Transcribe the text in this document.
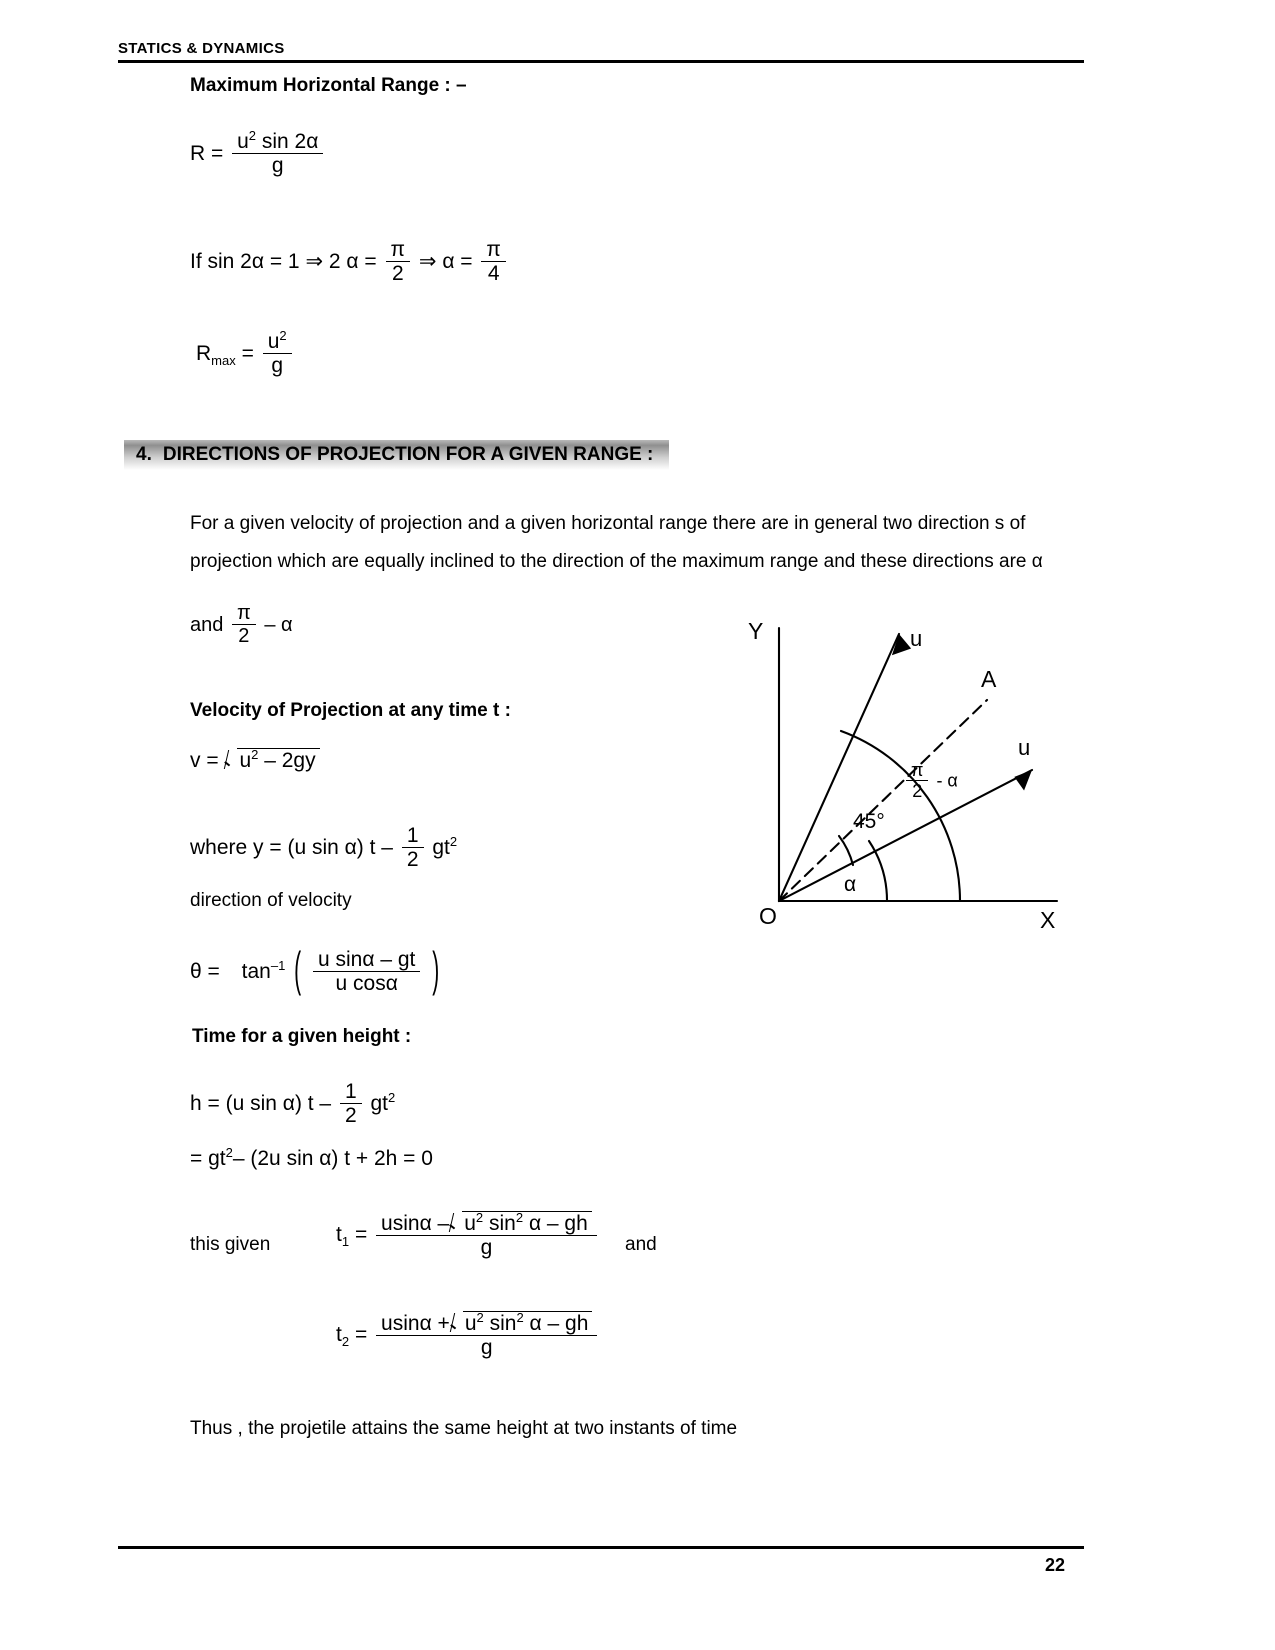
STATICS & DYNAMICS
Maximum Horizontal Range : –
$R = \frac{u^2 \sin 2\alpha}{g}$
If sin 2α = 1 ⇒ 2 $\alpha = \frac{\pi}{2}$ ⇒ $\alpha = \frac{\pi}{4}$
$R_{max} = \frac{u^2}{g}$
4. DIRECTIONS OF PROJECTION FOR A GIVEN RANGE :
For a given velocity of projection and a given horizontal range there are in general two direction s of
projection which are equally inclined to the direction of the maximum range and these directions are α
and $\frac{\pi}{2}$ – α
Velocity of Projection at any time t :
$v = u^2 - 2gy$
where y = (u sin α) t – $\frac{1}{2} gt^2$
direction of velocity
$\theta = \tan^{-1}$ ( $\frac{\text{u sinα – gt}}{\text{u cosα}}$ )
Time for a given height :
h = (u sin α) t – $\frac{1}{2} gt^2$
= $gt^2-$ (2u sin α) t + 2h = 0
this given	$t_1 = \frac{usin\alpha - u^2 \sin^2 \alpha - gh}{g}$ and
$t_2 = \frac{usin\alpha + u^2 \sin^2 \alpha - gh}{g}$
Thus , the projetile attains the same height at two instants of time
Y
X
O
u
A
u
45°
α
$\frac{\pi}{2}$ - α
22
